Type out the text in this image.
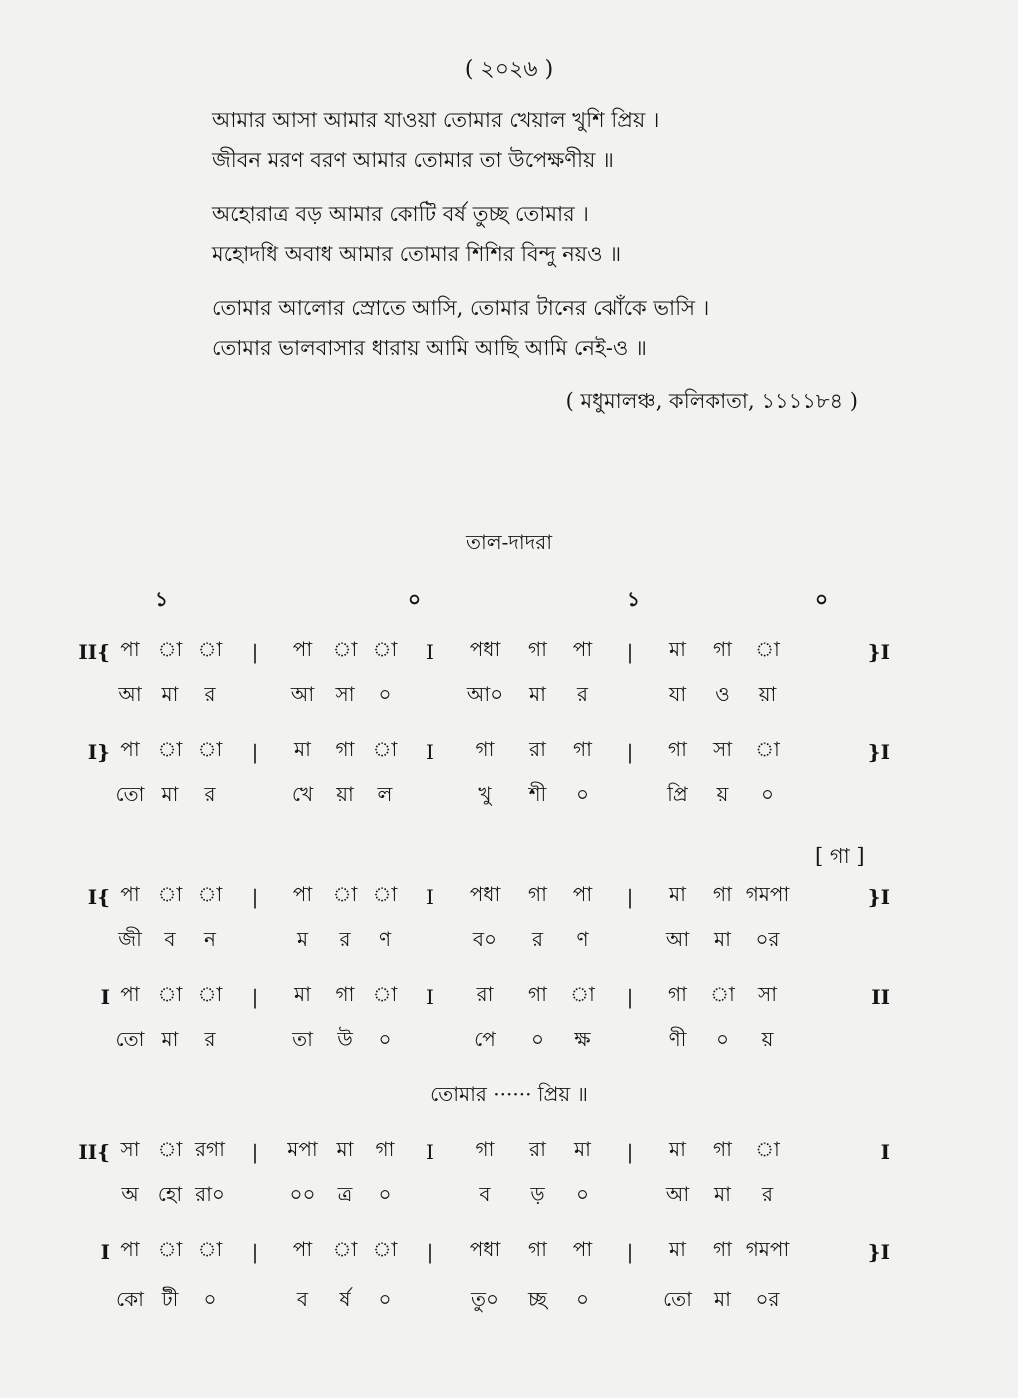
( ২০২৬ )
আমার আসা আমার যাওয়া তোমার খেয়াল খুশি প্রিয় ।
জীবন মরণ বরণ আমার তোমার তা উপেক্ষণীয় ॥
অহোরাত্র বড় আমার কোটি বর্ষ তুচ্ছ তোমার ।
মহোদধি অবাধ আমার তোমার শিশির বিন্দু নয়ও ॥
তোমার আলোর স্রোতে আসি, তোমার টানের ঝোঁকে ভাসি ।
তোমার ভালবাসার ধারায় আমি আছি আমি নেই-ও ॥
( মধুমালঞ্চ, কলিকাতা, ১১১১৮৪ )
তাল-দাদরা
১	০	১	০
II{ পা া া	|	পা	া া	I	পধা	গা	পা	|	মা	গা	া	}I
আ মা	র	আ	সা	০	আ০	মা	র	যা	ও	য়া
I} পা া া	|	মা	গা া	I	গা	রা	গা	|	গা	সা	া	}I
তো মা	র	খে	য়া	ল	খু	শী	০	প্রি	য়	০
I{ পা া া	|	পা	া া	I	পধা	গা	পা	|	মা	গা গমপা	}I
জী	ব	ন	ম	র	ণ	ব০	র	ণ	আ	মা	০র
I পা া া	|	মা	গা া	I	রা	গা	া	|	গা	া	সা	II
তো মা	র	তা	উ	০	পে	০	ক্ষ	ণী	০	য়
II{ সা া রগা	|	মপা মা	গা	I	গা	রা	মা	|	মা	গা	া	I
অ হো রা০	০০	ত্র	০	ব	ড়	০	আ	মা	র
I পা া া	|	পা	া া	|	পধা	গা	পা	|	মা	গা গমপা	}I
কো টী	০	ব	র্ষ	০	তু০	চ্ছ	০	তো	মা	০র
[ গা ]
তোমার ······ প্রিয় ॥
